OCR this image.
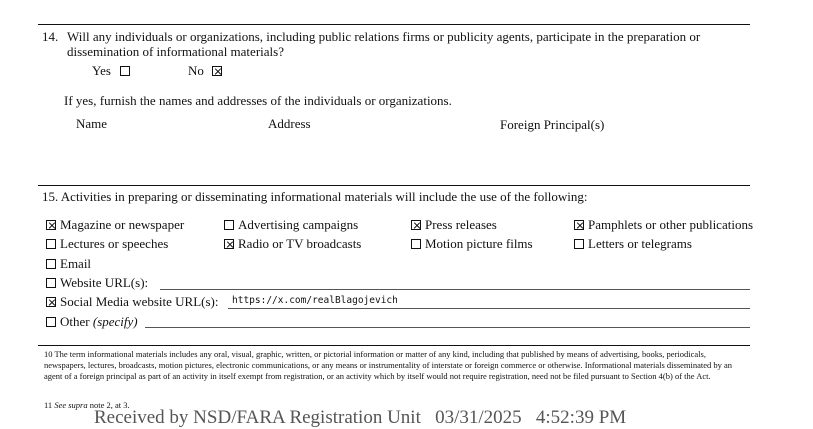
14. Will any individuals or organizations, including public relations firms or publicity agents, participate in the preparation or
dissemination of informational materials?
Yes	No
If yes, furnish the names and addresses of the individuals or organizations.
Name	Address	Foreign Principal(s)
15. Activities in preparing or disseminating informational materials will include the use of the following:
Magazine or newspaper	Advertising campaigns	Press releases	Pamphlets or other publications
Lectures or speeches	Radio or TV broadcasts	Motion picture films	Letters or telegrams
Email
Website URL(s):
Social Media website URL(s): https://x.com/realBlagojevich
Other (specify)
10 The term informational materials includes any oral, visual, graphic, written, or pictorial information or matter of any kind, including that published by means of advertising, books, periodicals, newspapers, lectures, broadcasts, motion pictures, electronic communications, or any means or instrumentality of interstate or foreign commerce or otherwise. Informational materials disseminated by an agent of a foreign principal as part of an activity in itself exempt from registration, or an activity which by itself would not require registration, need not be filed pursuant to Section 4(b) of the Act.
11 See supra note 2, at 3.
Received by NSD/FARA Registration Unit   03/31/2025   4:52:39 PM
